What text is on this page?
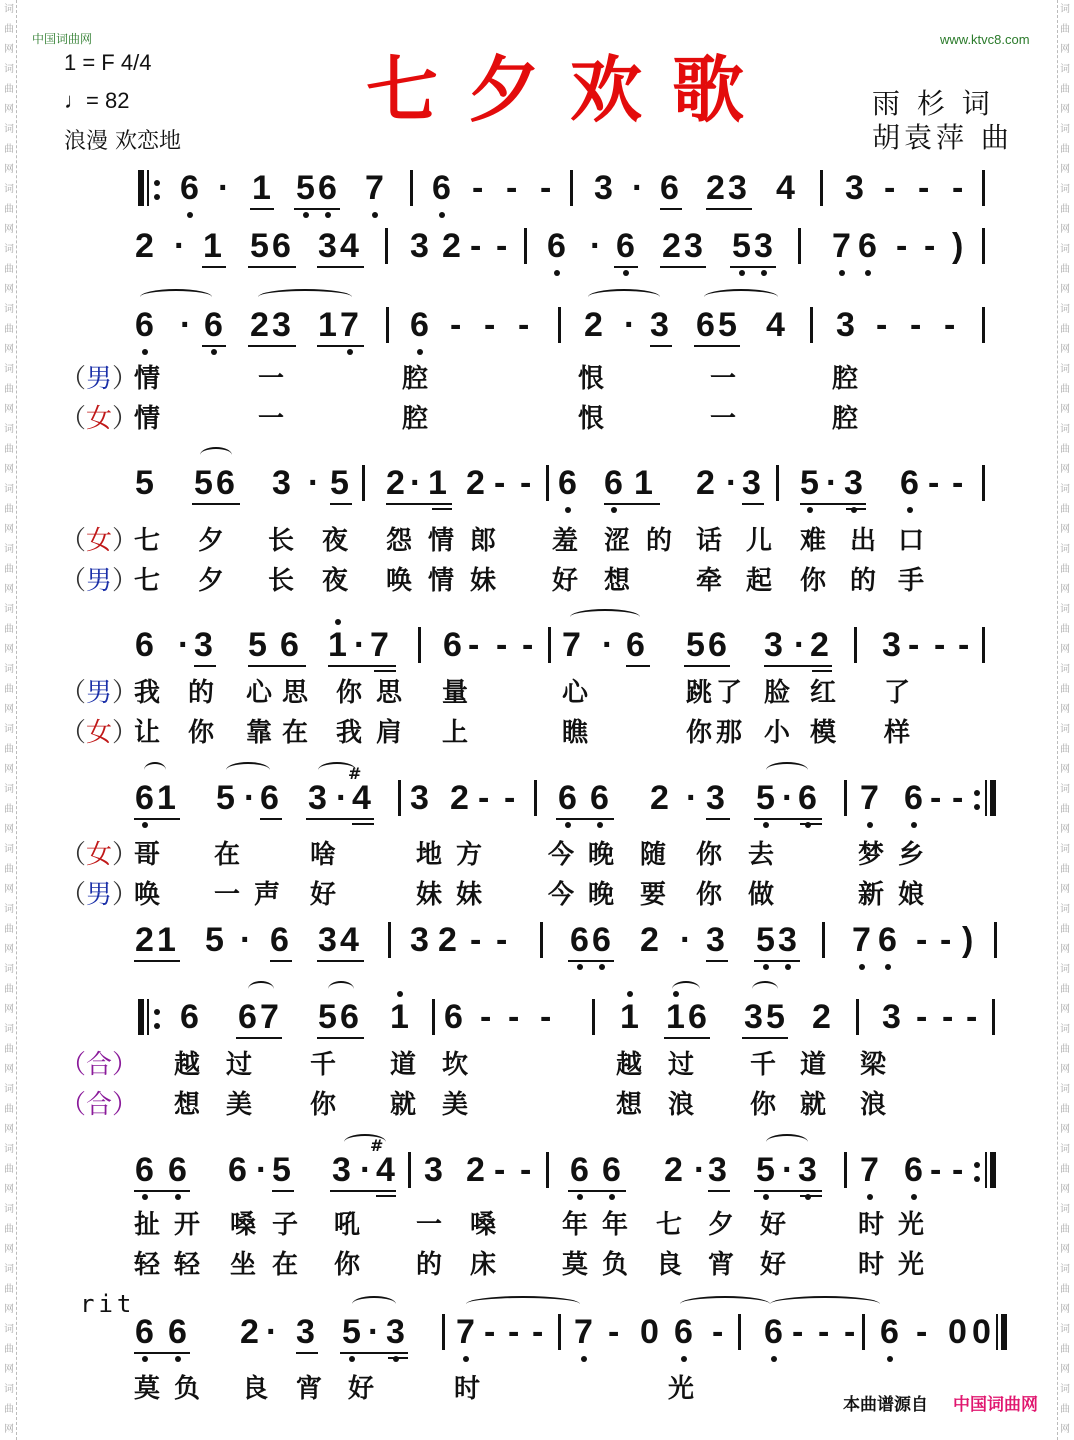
词
曲
网
词
曲
网
词
曲
网
词
曲
网
词
曲
网
词
曲
网
词
曲
网
词
曲
网
词
曲
网
词
曲
网
词
曲
网
词
曲
网
词
曲
网
词
曲
网
词
曲
网
词
曲
网
词
曲
网
词
曲
网
词
曲
网
词
曲
网
词
曲
网
词
曲
网
词
曲
网
词
曲
网
词
曲
网
词
曲
网
词
曲
网
词
曲
网
词
曲
网
词
曲
网
词
曲
网
词
曲
网
词
曲
网
词
曲
网
词
曲
网
词
曲
网
词
曲
网
词
曲
网
词
曲
网
词
曲
网
词
曲
网
词
曲
网
词
曲
网
词
曲
网
词
曲
网
词
曲
网
词
曲
网
词
曲
网
中国词曲网	www.ktvc8.com
1 = F 4/4
♩= 82
浪漫 欢恋地
七夕欢歌	雨 杉 词
胡袁萍 曲
6 · 1 5 6 7 6 - - - 3 · 6 2 3 4 3 - - -
2 · 1 5 6 3 4 3 2 - - 6 · 6 2 3 5 3 7 6 - - )
6 · 6 2 3 1 7 6 - - - 2 · 3 6 5 4 3 - - -
5 5 6 3 · 5 2 · 1 2 - - 6 6 1 2 · 3 5 · 3 6 - -
6 · 3 5 6 1 · 7 6 - - - 7 · 6 5 6 3 · 2 3 - - -
6 1 5 · 6 3 · 4
#
3 2 - - 6 6 2 · 3 5 · 6 7 6 - -
2 1 5 · 6 3 4 3 2 - - 6 6 2 · 3 5 3 7 6 - - )
6 6 7 5 6 1 6 - - - 1 1 6 3 5 2 3 - - -
6 6 6 · 5 3 · 4
#
3 2 - - 6 6 2 · 3 5 · 3 7 6 - -
6 6 2 · 3 5 · 3 7 - - - 7 - 0 6 - 6 - - - 6 - 0 0
（男）
情	一	腔	恨	一	腔
（女）
情	一	腔	恨	一	腔
（女）
七 夕 长 夜 怨 情 郎 羞 涩 的 话 儿 难 出 口
（男）
七 夕 长 夜 唤 情 妹 好 想	牵 起 你 的 手
（男）
我 的 心 思 你 思 量	心	跳 了 脸 红 了
（女）
让 你 靠 在 我 肩 上	瞧	你 那 小 模 样
（女）
哥 在	啥	地 方	今 晚 随 你 去	梦 乡
（男）
唤 一 声 好	妹 妹	今 晚 要 你 做	新 娘
（合） 越 过 千 道 坎	越 过 千 道 梁
（合） 想 美 你 就 美	想 浪 你 就 浪
扯 开 嗓 子 吼 一 嗓	年 年 七 夕 好	时 光
轻 轻 坐 在 你 的 床	莫 负 良 宵 好	时 光
莫 负 良 宵 好	时	光
rit
本曲谱源自 中国词曲网
